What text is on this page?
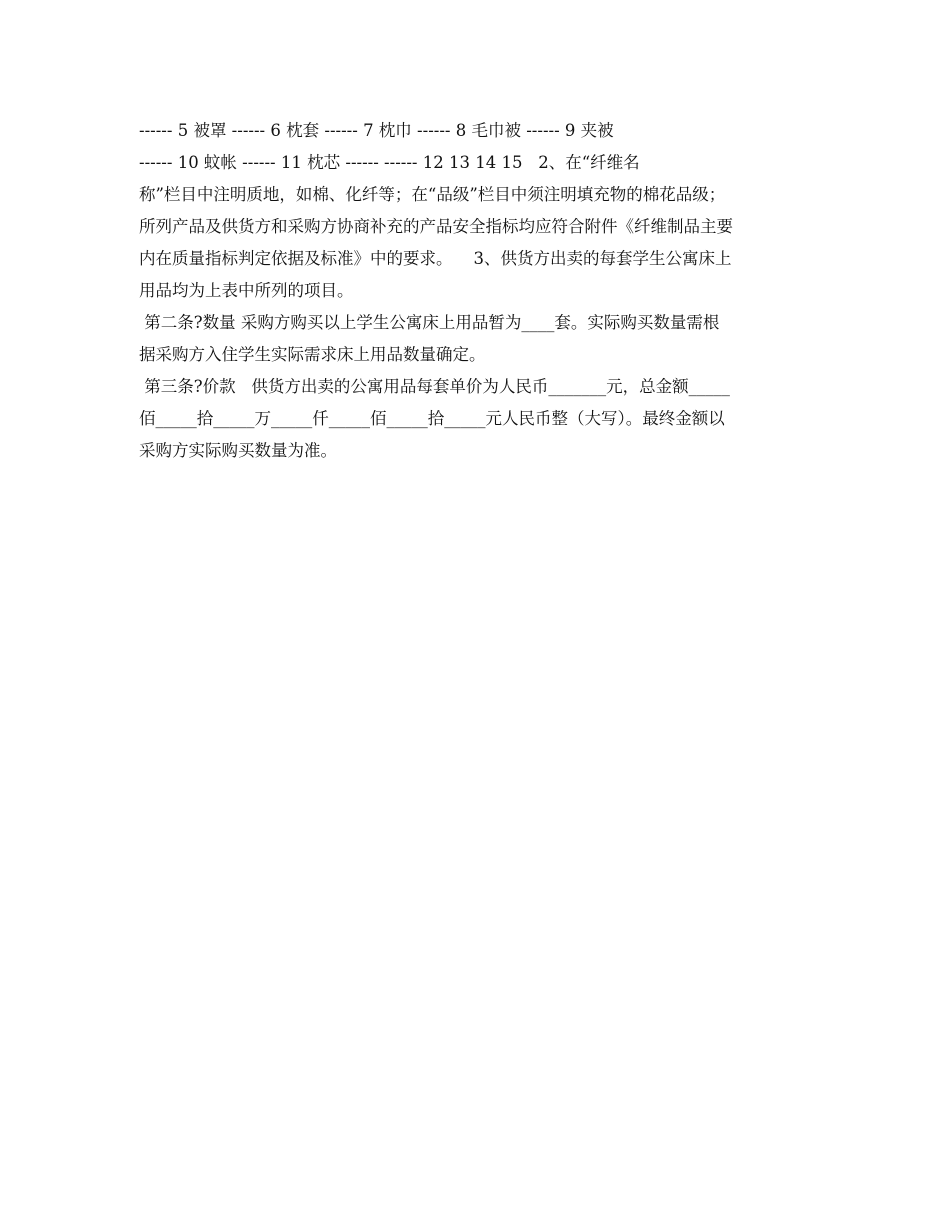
------ 5 被罩 ------ 6 枕套 ------ 7 枕巾 ------ 8 毛巾被 ------ 9 夹被
------ 10 蚊帐 ------ 11 枕芯 ------ ------ 12 13 14 15   2、在“纤维名
称”栏目中注明质地，如棉、化纤等；在“品级”栏目中须注明填充物的棉花品级；
所列产品及供货方和采购方协商补充的产品安全指标均应符合附件《纤维制品主要
内在质量指标判定依据及标准》中的要求。    3、供货方出卖的每套学生公寓床上
用品均为上表中所列的项目。
第二条?数量 采购方购买以上学生公寓床上用品暂为____套。实际购买数量需根
据采购方入住学生实际需求床上用品数量确定。
第三条?价款   供货方出卖的公寓用品每套单价为人民币_______元，总金额_____
佰_____拾_____万_____仟_____佰_____拾_____元人民币整（大写）。最终金额以
采购方实际购买数量为准。
